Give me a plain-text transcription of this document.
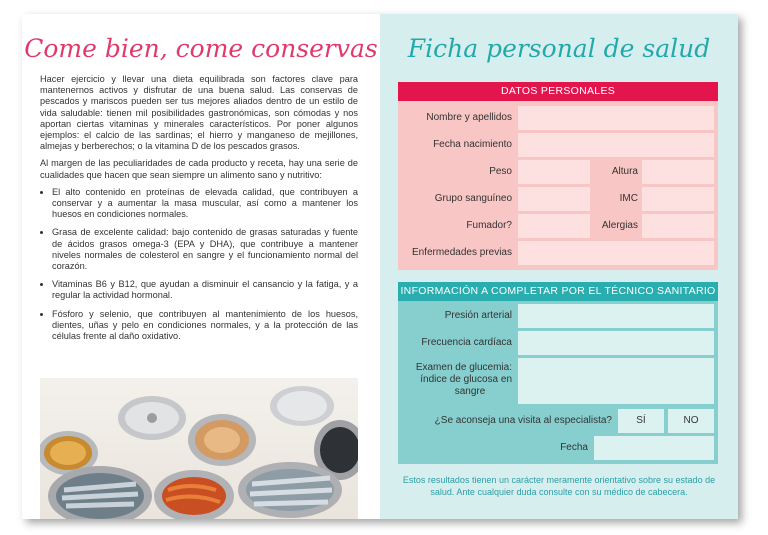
Come bien, come conservas

Hacer ejercicio y llevar una dieta equilibrada son factores clave para mantenernos activos y disfrutar de una buena salud. Las conservas de pescados y mariscos pueden ser tus mejores aliados dentro de un estilo de vida saludable: tienen mil posibilidades gastronómicas, son cómodas y nos aportan ciertas vitaminas y minerales característicos. Por poner algunos ejemplos: el calcio de las sardinas; el hierro y manganeso de mejillones, almejas y berberechos; o la vitamina D de los pescados grasos.

Al margen de las peculiaridades de cada producto y receta, hay una serie de cualidades que hacen que sean siempre un alimento sano y nutritivo:

• El alto contenido en proteínas de elevada calidad, que contribuyen a conservar y a aumentar la masa muscular, así como a mantener los huesos en condiciones normales.
• Grasa de excelente calidad: bajo contenido de grasas saturadas y fuente de ácidos grasos omega-3 (EPA y DHA), que contribuye a mantener niveles normales de colesterol en sangre y el funcionamiento normal del corazón.
• Vitaminas B6 y B12, que ayudan a disminuir el cansancio y la fatiga, y a regular la actividad hormonal.
• Fósforo y selenio, que contribuyen al mantenimiento de los huesos, dientes, uñas y pelo en condiciones normales, y a la protección de las células frente al daño oxidativo.
Ficha personal de salud
DATOS PERSONALES
Nombre y apellidos
Fecha nacimiento
Peso	Altura
Grupo sanguíneo	IMC
Fumador?	Alergias
Enfermedades previas
INFORMACIÓN A COMPLETAR POR EL TÉCNICO SANITARIO
Presión arterial
Frecuencia cardíaca
Examen de glucemia:
índice de glucosa en
sangre
¿Se aconseja una visita al especialista?	SÍ	NO
Fecha
Estos resultados tienen un carácter meramente orientativo sobre su estado de salud. Ante cualquier duda consulte con su médico de cabecera.
